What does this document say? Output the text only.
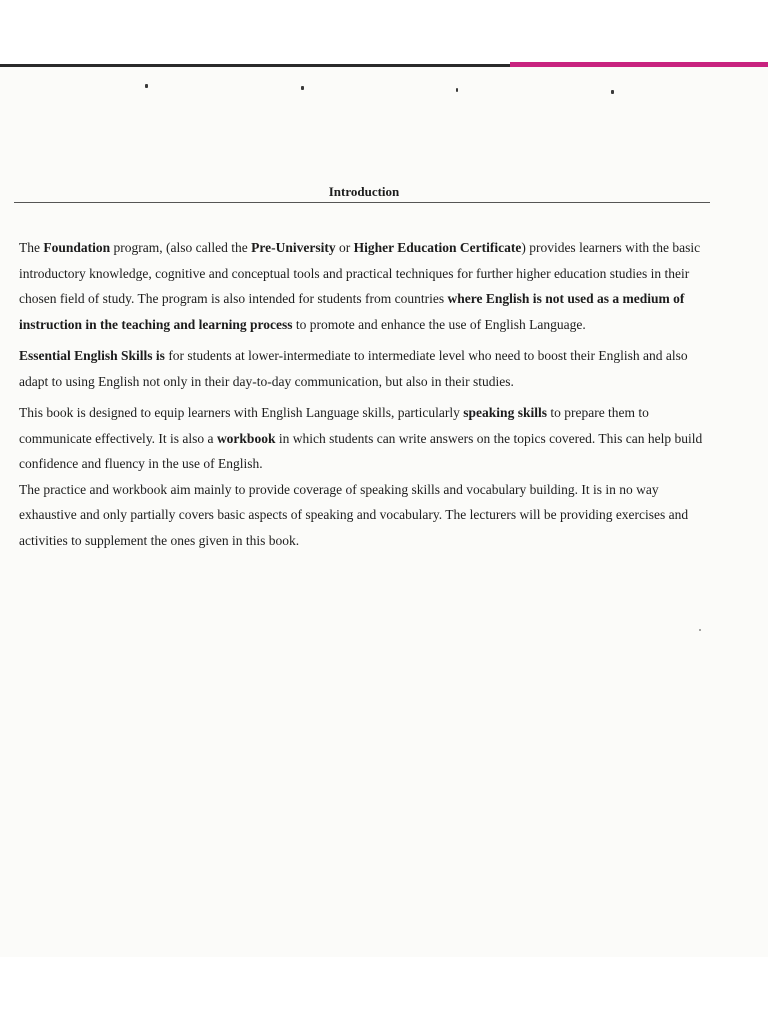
Introduction

The Foundation program, (also called the Pre-University or Higher Education Certificate) provides learners with the basic introductory knowledge, cognitive and conceptual tools and practical techniques for further higher education studies in their chosen field of study. The program is also intended for students from countries where English is not used as a medium of instruction in the teaching and learning process to promote and enhance the use of English Language.

Essential English Skills is for students at lower-intermediate to intermediate level who need to boost their English and also adapt to using English not only in their day-to-day communication, but also in their studies.

This book is designed to equip learners with English Language skills, particularly speaking skills to prepare them to communicate effectively. It is also a workbook in which students can write answers on the topics covered. This can help build confidence and fluency in the use of English.

The practice and workbook aim mainly to provide coverage of speaking skills and vocabulary building. It is in no way exhaustive and only partially covers basic aspects of speaking and vocabulary. The lecturers will be providing exercises and activities to supplement the ones given in this book.
